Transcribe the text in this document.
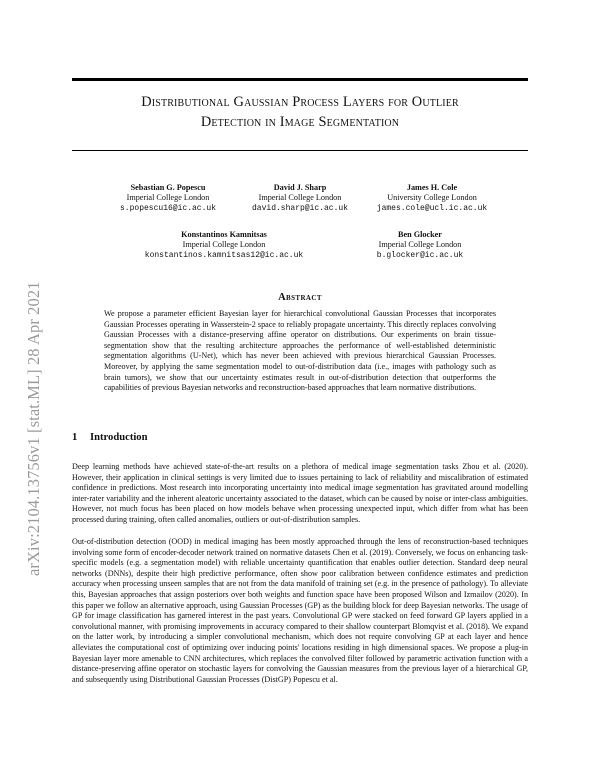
arXiv:2104.13756v1 [stat.ML] 28 Apr 2021
Distributional Gaussian Process Layers for Outlier
Detection in Image Segmentation
Sebastian G. Popescu
Imperial College London
s.popescu16@ic.ac.uk
David J. Sharp
Imperial College London
david.sharp@ic.ac.uk
James H. Cole
University College London
james.cole@ucl.ic.ac.uk
Konstantinos Kamnitsas
Imperial College London
konstantinos.kamnitsas12@ic.ac.uk
Ben Glocker
Imperial College London
b.glocker@ic.ac.uk
Abstract
We propose a parameter efficient Bayesian layer for hierarchical convolutional Gaussian Processes that incorporates Gaussian Processes operating in Wasserstein-2 space to reliably propagate uncertainty. This directly replaces convolving Gaussian Processes with a distance-preserving affine operator on distributions. Our experiments on brain tissue-segmentation show that the resulting architecture approaches the performance of well-established deterministic segmentation algorithms (U-Net), which has never been achieved with previous hierarchical Gaussian Processes. Moreover, by applying the same segmentation model to out-of-distribution data (i.e., images with pathology such as brain tumors), we show that our uncertainty estimates result in out-of-distribution detection that outperforms the capabilities of previous Bayesian networks and reconstruction-based approaches that learn normative distributions.
1 Introduction

Deep learning methods have achieved state-of-the-art results on a plethora of medical image segmentation tasks Zhou et al. (2020). However, their application in clinical settings is very limited due to issues pertaining to lack of reliability and miscalibration of estimated confidence in predictions. Most research into incorporating uncertainty into medical image segmentation has gravitated around modelling inter-rater variability and the inherent aleatoric uncertainty associated to the dataset, which can be caused by noise or inter-class ambiguities. However, not much focus has been placed on how models behave when processing unexpected input, which differ from what has been processed during training, often called anomalies, outliers or out-of-distribution samples.

Out-of-distribution detection (OOD) in medical imaging has been mostly approached through the lens of reconstruction-based techniques involving some form of encoder-decoder network trained on normative datasets Chen et al. (2019). Conversely, we focus on enhancing task-specific models (e.g. a segmentation model) with reliable uncertainty quantification that enables outlier detection. Standard deep neural networks (DNNs), despite their high predictive performance, often show poor calibration between confidence estimates and prediction accuracy when processing unseen samples that are not from the data manifold of training set (e.g. in the presence of pathology). To alleviate this, Bayesian approaches that assign posteriors over both weights and function space have been proposed Wilson and Izmailov (2020). In this paper we follow an alternative approach, using Gaussian Processes (GP) as the building block for deep Bayesian networks. The usage of GP for image classification has garnered interest in the past years. Convolutional GP were stacked on feed forward GP layers applied in a convolutional manner, with promising improvements in accuracy compared to their shallow counterpart Blomqvist et al. (2018). We expand on the latter work, by introducing a simpler convolutional mechanism, which does not require convolving GP at each layer and hence alleviates the computational cost of optimizing over inducing points' locations residing in high dimensional spaces. We propose a plug-in Bayesian layer more amenable to CNN architectures, which replaces the convolved filter followed by parametric activation function with a distance-preserving affine operator on stochastic layers for convolving the Gaussian measures from the previous layer of a hierarchical GP, and subsequently using Distributional Gaussian Processes (DistGP) Popescu et al.
